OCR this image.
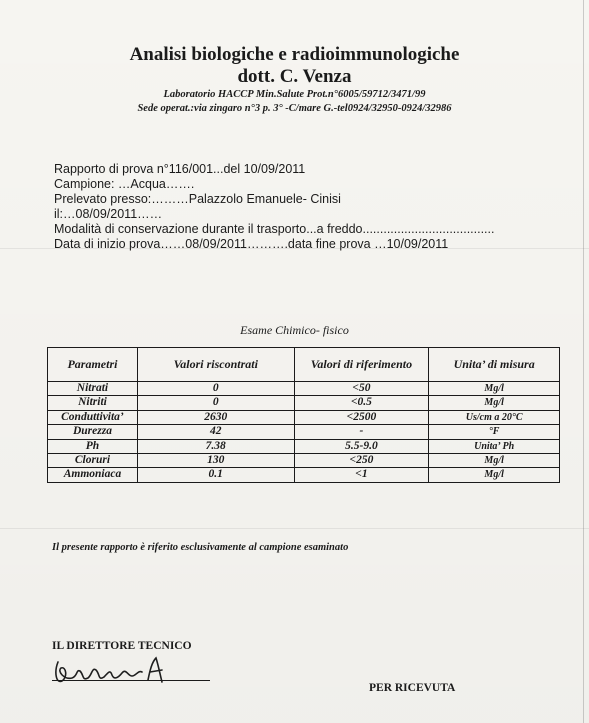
Analisi biologiche e radioimmunologiche

dott. C. Venza

Laboratorio HACCP Min.Salute Prot.n°6005/59712/3471/99

Sede operat.:via zingaro n°3 p. 3° -C/mare G.-tel0924/32950-0924/32986

Rapporto di prova n°116/001...del 10/09/2011
Campione: …Acqua…….
Prelevato presso:………Palazzolo Emanuele- Cinisi
il:…08/09/2011……
Modalità di conservazione durante il trasporto...a freddo......................................
Data di inizio prova……08/09/2011……….data fine prova …10/09/2011
Esame Chimico- fisico
Parametri	Valori riscontrati	Valori di riferimento	Unita’ di misura
Nitrati	0	<50	Mg/l
Nitriti	0	<0.5	Mg/l
Conduttivita’	2630	<2500	Us/cm a 20°C
Durezza	42	-	°F
Ph	7.38	5.5-9.0	Unita’ Ph
Cloruri	130	<250	Mg/l
Ammoniaca	0.1	<1	Mg/l
Il presente rapporto è riferito esclusivamente al campione esaminato
IL DIRETTORE TECNICO
PER RICEVUTA
